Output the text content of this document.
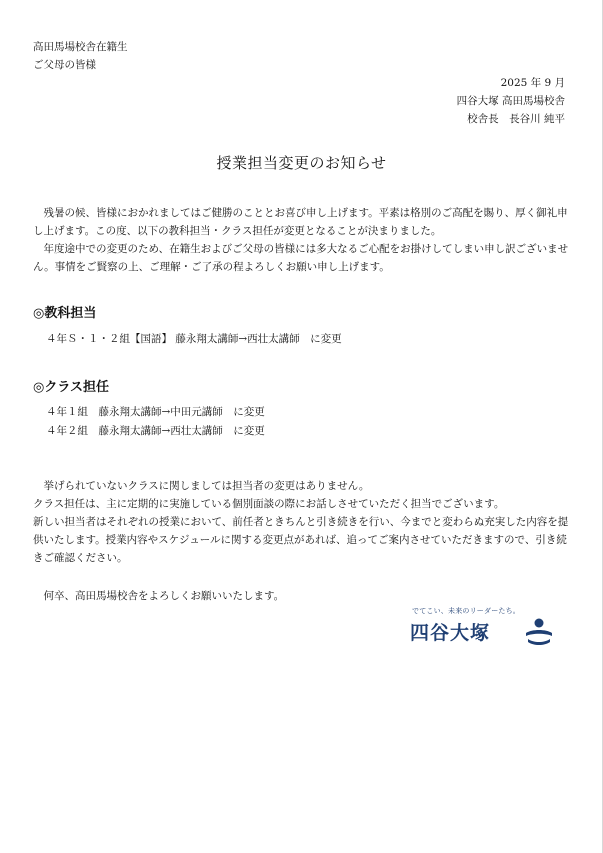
高田馬場校舎在籍生
ご父母の皆様
2025 年 9 月
四谷大塚 高田馬場校舎
校舎長　長谷川 純平
授業担当変更のお知らせ

残暑の候、皆様におかれましてはご健勝のこととお喜び申し上げます。平素は格別のご高配を賜り、厚く御礼申し上げます。この度、以下の教科担当・クラス担任が変更となることが決まりました。

年度途中での変更のため、在籍生およびご父母の皆様には多大なるご心配をお掛けしてしまい申し訳ございません。事情をご賢察の上、ご理解・ご了承の程よろしくお願い申し上げます。

◎教科担当
４年Ｓ・１・２組【国語】 藤永翔太講師→西壮太講師　に変更
◎クラス担任
４年１組　藤永翔太講師→中田元講師　に変更
４年２組　藤永翔太講師→西壮太講師　に変更

挙げられていないクラスに関しましては担当者の変更はありません。

クラス担任は、主に定期的に実施している個別面談の際にお話しさせていただく担当でございます。

新しい担当者はそれぞれの授業において、前任者ときちんと引き続きを行い、今までと変わらぬ充実した内容を提供いたします。授業内容やスケジュールに関する変更点があれば、追ってご案内させていただきますので、引き続きご確認ください。

何卒、高田馬場校舎をよろしくお願いいたします。
でてこい、未来のリーダーたち。
四谷大塚
